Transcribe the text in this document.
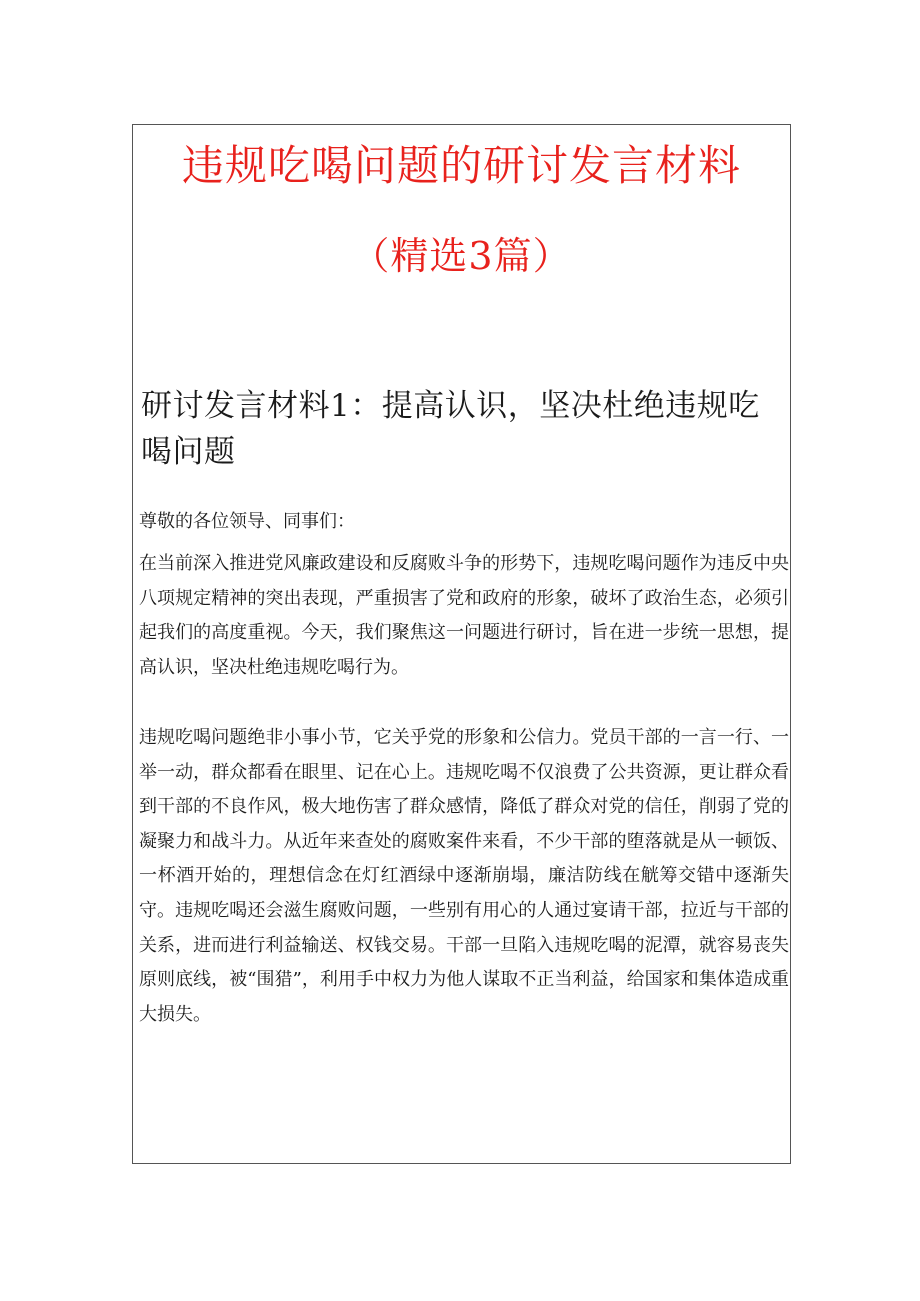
违规吃喝问题的研讨发言材料
（精选3篇）
研讨发言材料1：提高认识，坚决杜绝违规吃喝问题

尊敬的各位领导、同事们：

在当前深入推进党风廉政建设和反腐败斗争的形势下，违规吃喝问题作为违反中央八项规定精神的突出表现，严重损害了党和政府的形象，破坏了政治生态，必须引起我们的高度重视。今天，我们聚焦这一问题进行研讨，旨在进一步统一思想，提高认识，坚决杜绝违规吃喝行为。

违规吃喝问题绝非小事小节，它关乎党的形象和公信力。党员干部的一言一行、一举一动，群众都看在眼里、记在心上。违规吃喝不仅浪费了公共资源，更让群众看到干部的不良作风，极大地伤害了群众感情，降低了群众对党的信任，削弱了党的凝聚力和战斗力。从近年来查处的腐败案件来看，不少干部的堕落就是从一顿饭、一杯酒开始的，理想信念在灯红酒绿中逐渐崩塌，廉洁防线在觥筹交错中逐渐失守。违规吃喝还会滋生腐败问题，一些别有用心的人通过宴请干部，拉近与干部的关系，进而进行利益输送、权钱交易。干部一旦陷入违规吃喝的泥潭，就容易丧失原则底线，被“围猎”，利用手中权力为他人谋取不正当利益，给国家和集体造成重大损失。
